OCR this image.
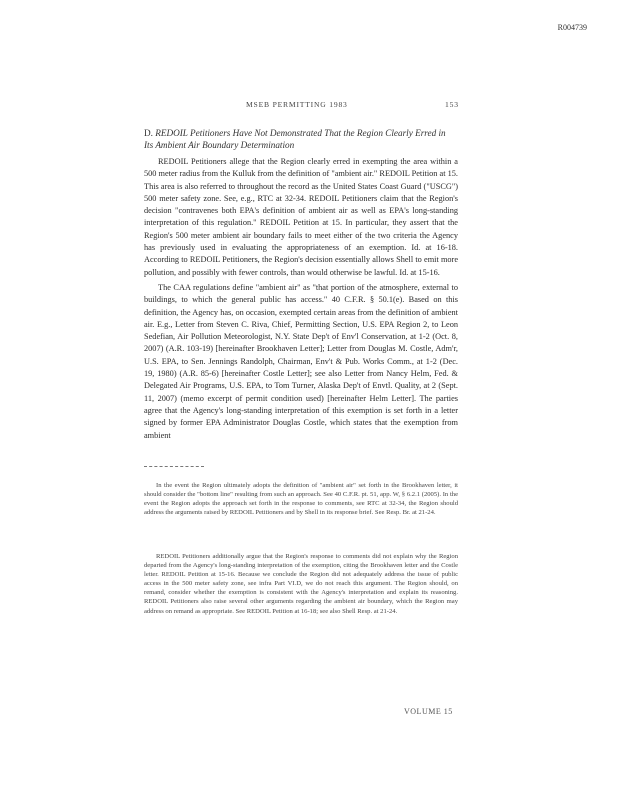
R004739
MSEB PERMITTING 1983	153
D. REDOIL Petitioners Have Not Demonstrated That the Region Clearly Erred in Its Ambient Air Boundary Determination

REDOIL Petitioners allege that the Region clearly erred in exempting the area within a 500 meter radius from the Kulluk from the definition of "ambient air." REDOIL Petition at 15. This area is also referred to throughout the record as the United States Coast Guard ("USCG") 500 meter safety zone. See, e.g., RTC at 32-34. REDOIL Petitioners claim that the Region's decision "contravenes both EPA's definition of ambient air as well as EPA's long-standing interpretation of this regulation." REDOIL Petition at 15. In particular, they assert that the Region's 500 meter ambient air boundary fails to meet either of the two criteria the Agency has previously used in evaluating the appropriateness of an exemption. Id. at 16-18. According to REDOIL Petitioners, the Region's decision essentially allows Shell to emit more pollution, and possibly with fewer controls, than would otherwise be lawful. Id. at 15-16.

The CAA regulations define "ambient air" as "that portion of the atmosphere, external to buildings, to which the general public has access." 40 C.F.R. § 50.1(e). Based on this definition, the Agency has, on occasion, exempted certain areas from the definition of ambient air. E.g., Letter from Steven C. Riva, Chief, Permitting Section, U.S. EPA Region 2, to Leon Sedefian, Air Pollution Meteorologist, N.Y. State Dep't of Env'l Conservation, at 1-2 (Oct. 8, 2007) (A.R. 103-19) [hereinafter Brookhaven Letter]; Letter from Douglas M. Costle, Adm'r, U.S. EPA, to Sen. Jennings Randolph, Chairman, Env't & Pub. Works Comm., at 1-2 (Dec. 19, 1980) (A.R. 85-6) [hereinafter Costle Letter]; see also Letter from Nancy Helm, Fed. & Delegated Air Programs, U.S. EPA, to Tom Turner, Alaska Dep't of Envtl. Quality, at 2 (Sept. 11, 2007) (memo excerpt of permit condition used) [hereinafter Helm Letter]. The parties agree that the Agency's long-standing interpretation of this exemption is set forth in a letter signed by former EPA Administrator Douglas Costle, which states that the exemption from ambient

In the event the Region ultimately adopts the definition of "ambient air" set forth in the Brookhaven letter, it should consider the "bottom line" resulting from such an approach. See 40 C.F.R. pt. 51, app. W, § 6.2.1 (2005). In the event the Region adopts the approach set forth in the response to comments, see RTC at 32-34, the Region should address the arguments raised by REDOIL Petitioners and by Shell in its response brief. See Resp. Br. at 21-24.

REDOIL Petitioners additionally argue that the Region's response to comments did not explain why the Region departed from the Agency's long-standing interpretation of the exemption, citing the Brookhaven letter and the Costle letter. REDOIL Petition at 15-16. Because we conclude the Region did not adequately address the issue of public access in the 500 meter safety zone, see infra Part VI.D, we do not reach this argument. The Region should, on remand, consider whether the exemption is consistent with the Agency's interpretation and explain its reasoning. REDOIL Petitioners also raise several other arguments regarding the ambient air boundary, which the Region may address on remand as appropriate. See REDOIL Petition at 16-18; see also Shell Resp. at 21-24.

VOLUME 15
